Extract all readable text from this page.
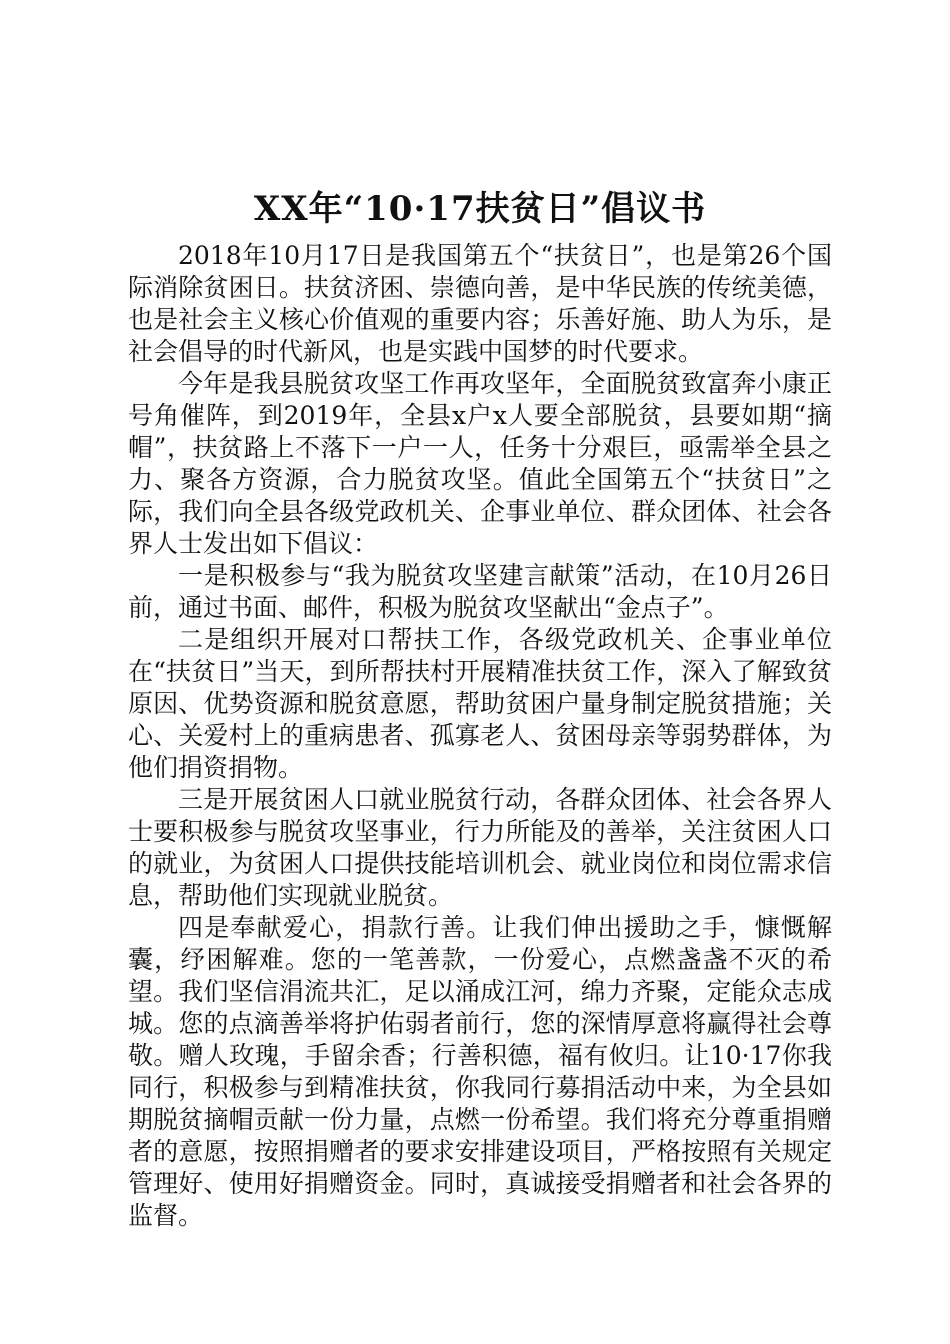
XX年“10·17扶贫日”倡议书

2018年10月17日是我国第五个“扶贫日”，也是第26个国际消除贫困日。扶贫济困、崇德向善，是中华民族的传统美德，也是社会主义核心价值观的重要内容；乐善好施、助人为乐，是社会倡导的时代新风，也是实践中国梦的时代要求。

今年是我县脱贫攻坚工作再攻坚年，全面脱贫致富奔小康正号角催阵，到2019年，全县x户x人要全部脱贫，县要如期“摘帽”，扶贫路上不落下一户一人，任务十分艰巨，亟需举全县之力、聚各方资源，合力脱贫攻坚。值此全国第五个“扶贫日”之际，我们向全县各级党政机关、企事业单位、群众团体、社会各界人士发出如下倡议：

一是积极参与“我为脱贫攻坚建言献策”活动，在10月26日前，通过书面、邮件，积极为脱贫攻坚献出“金点子”。

二是组织开展对口帮扶工作，各级党政机关、企事业单位在“扶贫日”当天，到所帮扶村开展精准扶贫工作，深入了解致贫原因、优势资源和脱贫意愿，帮助贫困户量身制定脱贫措施；关心、关爱村上的重病患者、孤寡老人、贫困母亲等弱势群体，为他们捐资捐物。

三是开展贫困人口就业脱贫行动，各群众团体、社会各界人士要积极参与脱贫攻坚事业，行力所能及的善举，关注贫困人口的就业，为贫困人口提供技能培训机会、就业岗位和岗位需求信息，帮助他们实现就业脱贫。

四是奉献爱心，捐款行善。让我们伸出援助之手，慷慨解囊，纾困解难。您的一笔善款，一份爱心，点燃盏盏不灭的希望。我们坚信涓流共汇，足以涌成江河，绵力齐聚，定能众志成城。您的点滴善举将护佑弱者前行，您的深情厚意将赢得社会尊敬。赠人玫瑰，手留余香；行善积德，福有攸归。让10·17你我同行，积极参与到精准扶贫，你我同行募捐活动中来，为全县如期脱贫摘帽贡献一份力量，点燃一份希望。我们将充分尊重捐赠者的意愿，按照捐赠者的要求安排建设项目，严格按照有关规定管理好、使用好捐赠资金。同时，真诚接受捐赠者和社会各界的监督。
